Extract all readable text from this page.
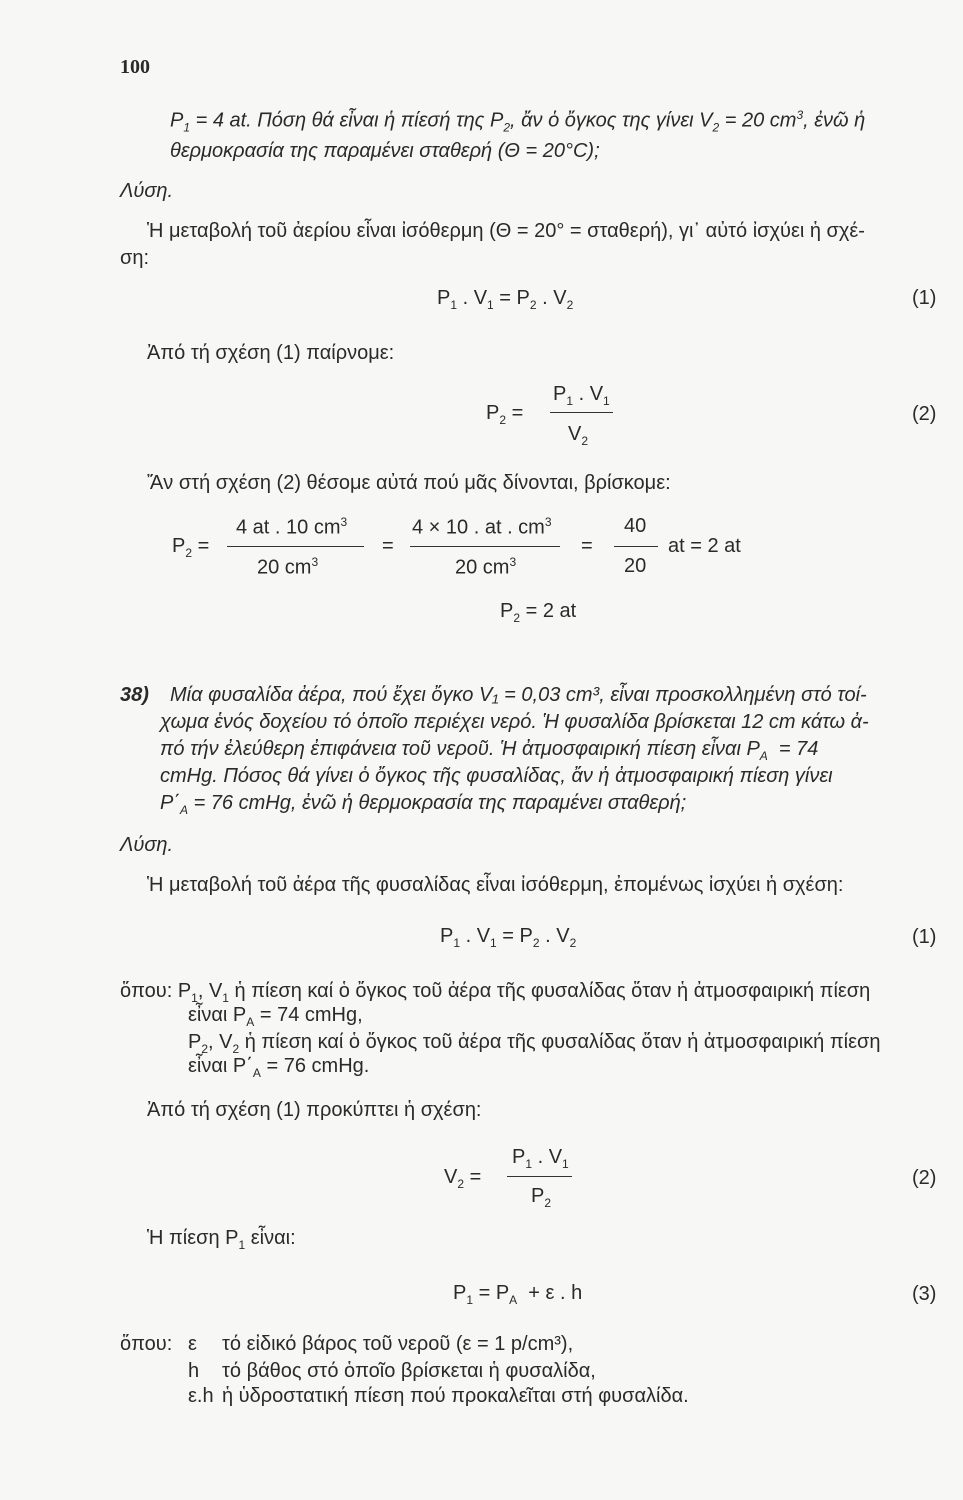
100
$P_1 = 4$ at. Πόση θά εἶναι ἡ πίεσή της $P_2$, ἄν ὁ ὄγκος της γίνει $V_2 = 20$ $cm^3$, ἐνῶ ἡ
θερμοκρασία της παραμένει σταθερή (Θ = 20°C);
Λύση.
Ἡ μεταβολή τοῦ ἀερίου εἶναι ἰσόθερμη (Θ = 20° = σταθερή), γι᾽ αὐτό ἰσχύει ἡ σχέ-
ση:
$P_1$ . $V_1 = P_2$ . $V_2$	(1)
Ἀπό τή σχέση (1) παίρνομε:
$P_2$ =
$P_1$ . $V_1$
$V_2$
(2)
Ἄν στή σχέση (2) θέσομε αὐτά πού μᾶς δίνονται, βρίσκομε:
$P_2$ =
4 at . 10 $cm^3$
20 $cm^3$
=
4 × 10 . at . $cm^3$
20 $cm^3$
=
40
20
at = 2 at
$P_2 = 2$ at
38) Μία φυσαλίδα ἀέρα, πού ἔχει ὄγκο V₁ = 0,03 cm³, εἶναι προσκολλημένη στό τοί-
χωμα ἑνός δοχείου τό ὁποῖο περιέχει νερό. Ἡ φυσαλίδα βρίσκεται 12 cm κάτω ἀ-
πό τήν ἐλεύθερη ἐπιφάνεια τοῦ νεροῦ. Ἡ ἀτμοσφαιρική πίεση εἶναι $P_A = 74$
cmHg. Πόσος θά γίνει ὁ ὄγκος τῆς φυσαλίδας, ἄν ἡ ἀτμοσφαιρική πίεση γίνει
$P΄_A = 76$ cmHg, ἐνῶ ἡ θερμοκρασία της παραμένει σταθερή;
Λύση.
Ἡ μεταβολή τοῦ ἀέρα τῆς φυσαλίδας εἶναι ἰσόθερμη, ἐπομένως ἰσχύει ἡ σχέση:
$P_1$ . $V_1 = P_2$ . $V_2$	(1)
ὅπου: $P_1$, $V_1$ ἡ πίεση καί ὁ ὄγκος τοῦ ἀέρα τῆς φυσαλίδας ὅταν ἡ ἀτμοσφαιρική πίεση
εἶναι $P_A = 74$ cmHg,
$P_2$, $V_2$ ἡ πίεση καί ὁ ὄγκος τοῦ ἀέρα τῆς φυσαλίδας ὅταν ἡ ἀτμοσφαιρική πίεση
εἶναι $P΄_A = 76$ cmHg.
Ἀπό τή σχέση (1) προκύπτει ἡ σχέση:
$V_2$ =
$P_1$ . $V_1$
$P_2$
(2)
Ἡ πίεση $P_1$ εἶναι:
$P_1 = P_A + \varepsilon$ . h	(3)
ὅπου: ε τό εἰδικό βάρος τοῦ νεροῦ (ε = 1 p/cm³),
h τό βάθος στό ὁποῖο βρίσκεται ἡ φυσαλίδα,
ε.h ἡ ὑδροστατική πίεση πού προκαλεῖται στή φυσαλίδα.
